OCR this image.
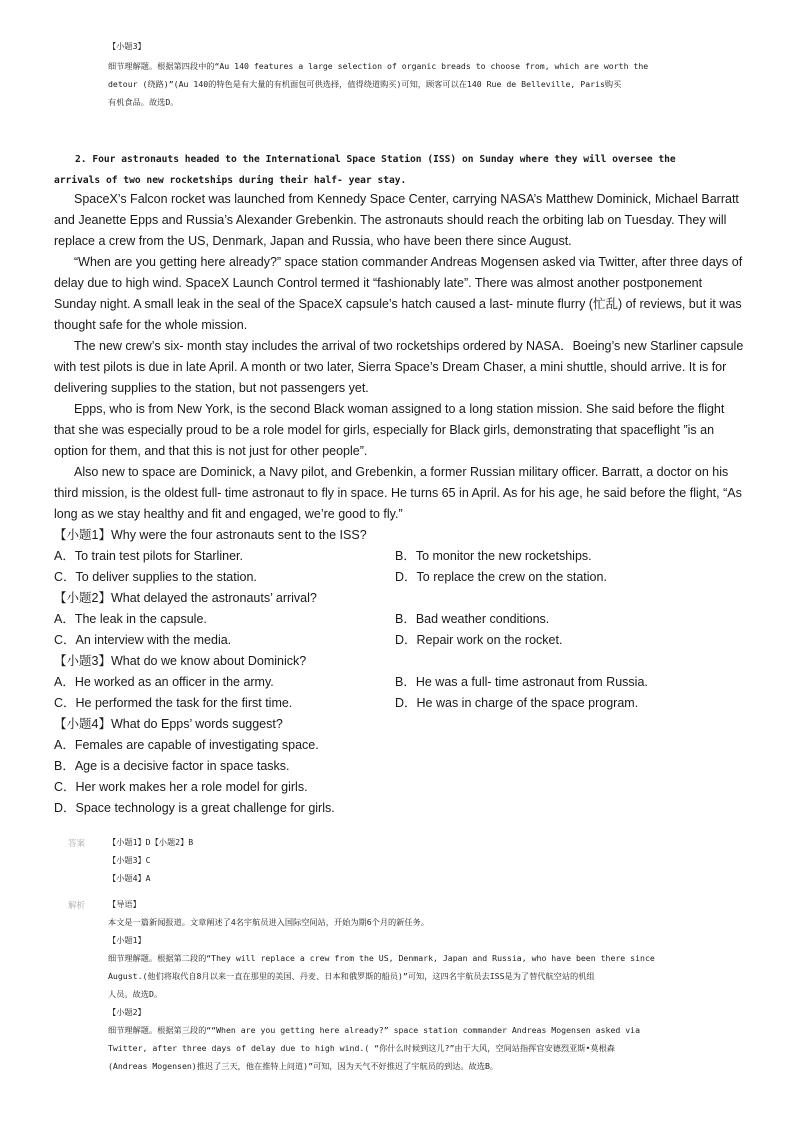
【小题3】
细节理解题。根据第四段中的“Au 140 features a large selection of organic breads to choose from, which are worth the
detour (绕路)”(Au 140的特色是有大量的有机面包可供选择，值得绕道购买)可知，顾客可以在140 Rue de Belleville, Paris购买
有机食品。故选D。
2. Four astronauts headed to the International Space Station (ISS) on Sunday where they will oversee the
arrivals of two new rocketships during their half- year stay.

SpaceX’s Falcon rocket was launched from Kennedy Space Center, carrying NASA’s Matthew Dominick, Michael Barratt and Jeanette Epps and Russia’s Alexander Grebenkin. The astronauts should reach the orbiting lab on Tuesday. They will replace a crew from the US, Denmark, Japan and Russia, who have been there since August.

“When are you getting here already?” space station commander Andreas Mogensen asked via Twitter, after three days of delay due to high wind. SpaceX Launch Control termed it “fashionably late”. There was almost another postponement Sunday night. A small leak in the seal of the SpaceX capsule’s hatch caused a last- minute flurry (忙乱) of reviews, but it was thought safe for the whole mission.

The new crew’s six- month stay includes the arrival of two rocketships ordered by NASA．Boeing’s new Starliner capsule with test pilots is due in late April. A month or two later, Sierra Space’s Dream Chaser, a mini shuttle, should arrive. It is for delivering supplies to the station, but not passengers yet.

Epps, who is from New York, is the second Black woman assigned to a long station mission. She said before the flight that she was especially proud to be a role model for girls, especially for Black girls, demonstrating that spaceflight ”is an option for them, and that this is not just for other people”.

Also new to space are Dominick, a Navy pilot, and Grebenkin, a former Russian military officer. Barratt, a doctor on his third mission, is the oldest full- time astronaut to fly in space. He turns 65 in April. As for his age, he said before the flight, “As long as we stay healthy and fit and engaged, we’re good to fly.”

【小题1】Why were the four astronauts sent to the ISS?
A．To train test pilots for Starliner.	B．To monitor the new rocketships.
C．To deliver supplies to the station.	D．To replace the crew on the station.
【小题2】What delayed the astronauts’ arrival?
A．The leak in the capsule.	B．Bad weather conditions.
C．An interview with the media.	D．Repair work on the rocket.
【小题3】What do we know about Dominick?
A．He worked as an officer in the army.	B．He was a full- time astronaut from Russia.
C．He performed the task for the first time.	D．He was in charge of the space program.
【小题4】What do Epps’ words suggest?
A．Females are capable of investigating space.
B．Age is a decisive factor in space tasks.
C．Her work makes her a role model for girls.
D．Space technology is a great challenge for girls.
答案	【小题1】D【小题2】B
【小题3】C
【小题4】A
解析	【导语】
本文是一篇新闻报道。文章阐述了4名宇航员进入国际空间站，开始为期6个月的新任务。
【小题1】
细节理解题。根据第二段的“They will replace a crew from the US, Denmark, Japan and Russia, who have been there since
August.(他们将取代自8月以来一直在那里的美国、丹麦、日本和俄罗斯的船员)”可知，这四名宇航员去ISS是为了替代航空站的机组
人员。故选D。
【小题2】
细节理解题。根据第三段的““When are you getting here already?” space station commander Andreas Mogensen asked via
Twitter, after three days of delay due to high wind.( “你什么时候到这儿?”由于大风，空间站指挥官安德烈亚斯•莫根森
(Andreas Mogensen)推迟了三天，他在推特上问道)”可知，因为天气不好推迟了宇航员的到达。故选B。
